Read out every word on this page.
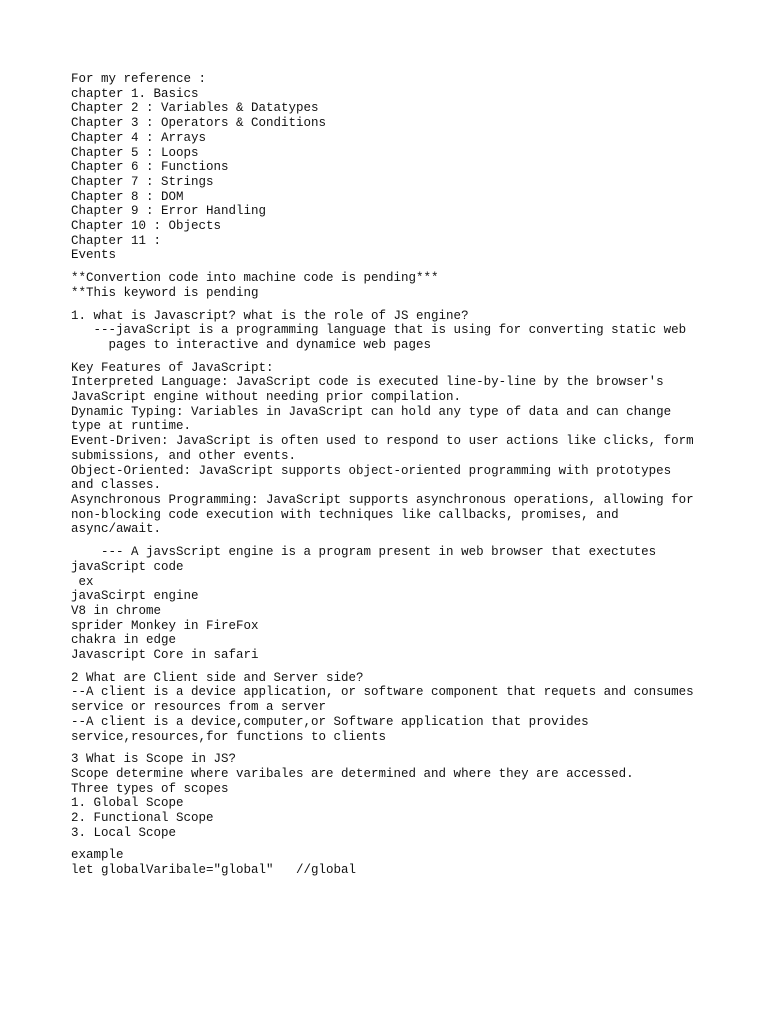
For my reference :
chapter 1. Basics
Chapter 2 : Variables & Datatypes
Chapter 3 : Operators & Conditions
Chapter 4 : Arrays
Chapter 5 : Loops
Chapter 6 : Functions
Chapter 7 : Strings
Chapter 8 : DOM
Chapter 9 : Error Handling
Chapter 10 : Objects
Chapter 11 :
Events
**Convertion code into machine code is pending***
**This keyword is pending
1. what is Javascript? what is the role of JS engine?
---javaScript is a programming language that is using for converting static web
pages to interactive and dynamice web pages
Key Features of JavaScript:
Interpreted Language: JavaScript code is executed line-by-line by the browser's
JavaScript engine without needing prior compilation.
Dynamic Typing: Variables in JavaScript can hold any type of data and can change
type at runtime.
Event-Driven: JavaScript is often used to respond to user actions like clicks, form
submissions, and other events.
Object-Oriented: JavaScript supports object-oriented programming with prototypes
and classes.
Asynchronous Programming: JavaScript supports asynchronous operations, allowing for
non-blocking code execution with techniques like callbacks, promises, and
async/await.
--- A javsScript engine is a program present in web browser that exectutes
javaScript code
ex
javaScirpt engine
V8 in chrome
sprider Monkey in FireFox
chakra in edge
Javascript Core in safari
2 What are Client side and Server side?
--A client is a device application, or software component that requets and consumes
service or resources from a server
--A client is a device,computer,or Software application that provides
service,resources,for functions to clients
3 What is Scope in JS?
Scope determine where varibales are determined and where they are accessed.
Three types of scopes
1. Global Scope
2. Functional Scope
3. Local Scope
example
let globalVaribale="global"   //global
